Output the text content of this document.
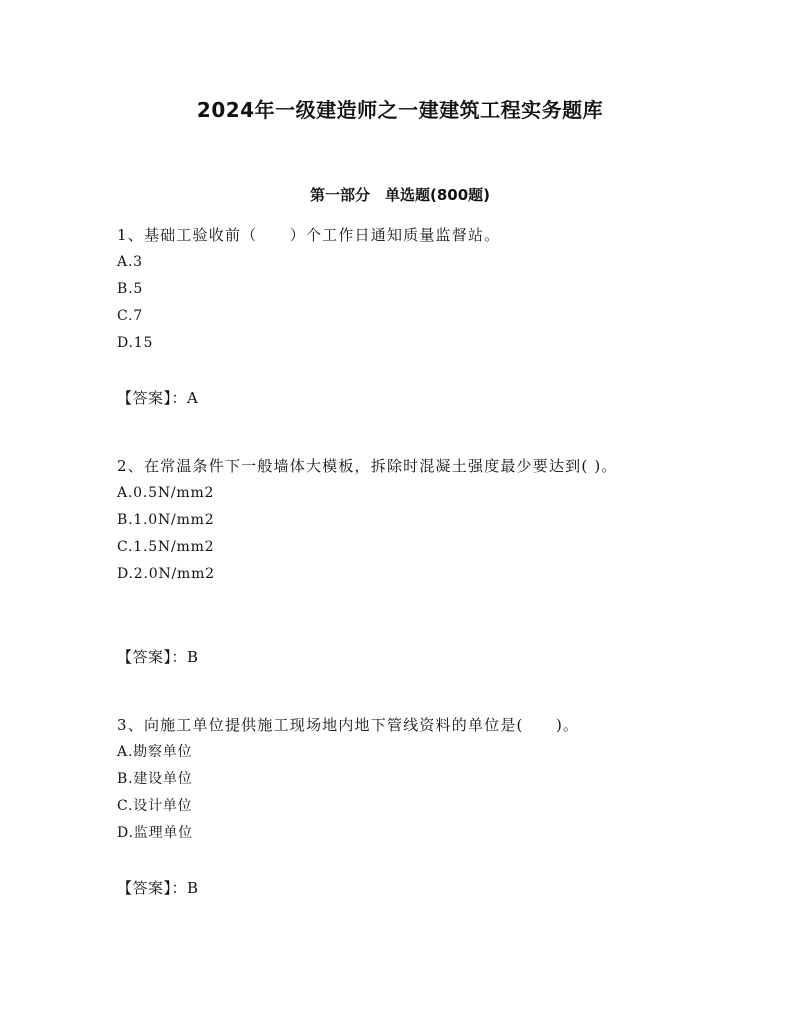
2024年一级建造师之一建建筑工程实务题库
第一部分　单选题(800题)

1、基础工验收前（　　）个工作日通知质量监督站。

A.3
B.5
C.7
D.15
【答案】：A

2、在常温条件下一般墙体大模板，拆除时混凝土强度最少要达到( )。

A.0.5N/mm2
B.1.0N/mm2
C.1.5N/mm2
D.2.0N/mm2
【答案】：B

3、向施工单位提供施工现场地内地下管线资料的单位是(　　)。

A.勘察单位
B.建设单位
C.设计单位
D.监理单位
【答案】：B
